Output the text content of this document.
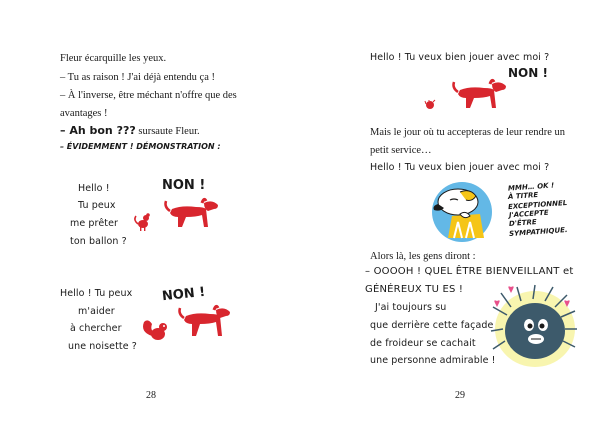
Fleur écarquille les yeux.
– Tu as raison ! J'ai déjà entendu ça !
– À l'inverse, être méchant n'offre que des
avantages !
– Ah bon ??? sursaute Fleur.
– ÉVIDEMMENT ! DÉMONSTRATION :
Hello !
Tu peux
me prêter
ton ballon ?
NON !
Hello ! Tu peux
m'aider
à chercher
une noisette ?
NON !
28
Hello ! Tu veux bien jouer avec moi ?
NON !
Mais le jour où tu accepteras de leur rendre un
petit service…
Hello ! Tu veux bien jouer avec moi ?
MMH… OK !
À TITRE
EXCEPTIONNEL
J'ACCEPTE
D'ÊTRE
SYMPATHIQUE.
Alors là, les gens diront :
– OOOOH ! QUEL ÊTRE BIENVEILLANT et
GÉNÉREUX TU ES !
J'ai toujours su
que derrière cette façade
de froideur se cachait
une personne admirable !
29
